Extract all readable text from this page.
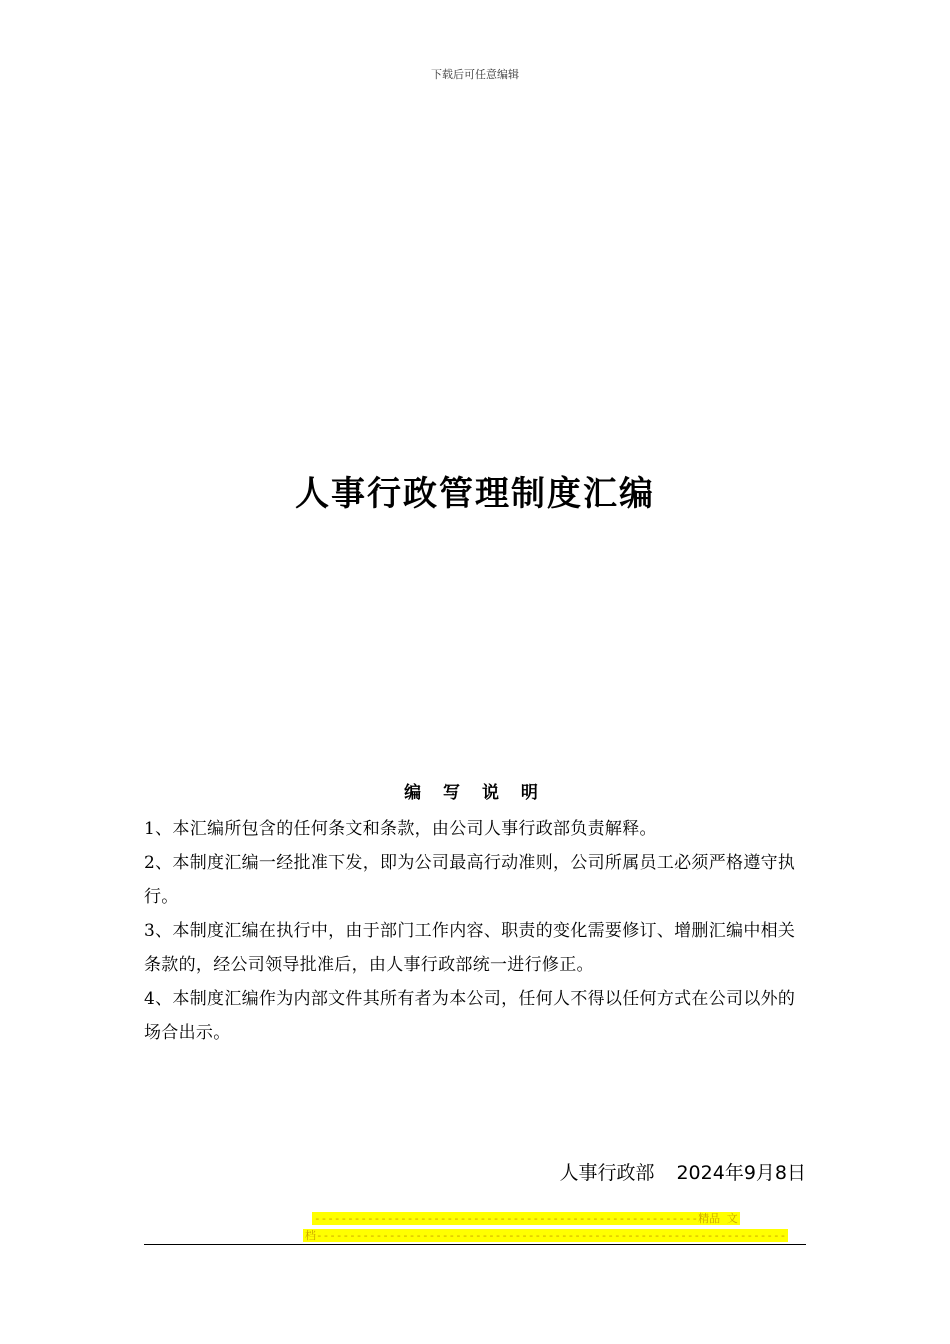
下载后可任意编辑
人事行政管理制度汇编
编 写 说 明

1、本汇编所包含的任何条文和条款，由公司人事行政部负责解释。

2、本制度汇编一经批准下发，即为公司最高行动准则，公司所属员工必须严格遵守执行。

3、本制度汇编在执行中，由于部门工作内容、职责的变化需要修订、增删汇编中相关条款的，经公司领导批准后，由人事行政部统一进行修正。

4、本制度汇编作为内部文件其所有者为本公司，任何人不得以任何方式在公司以外的场合出示。

人事行政部 2024年9月8日
----------------------------------------------------------精品 文
档-----------------------------------------------------------------------
